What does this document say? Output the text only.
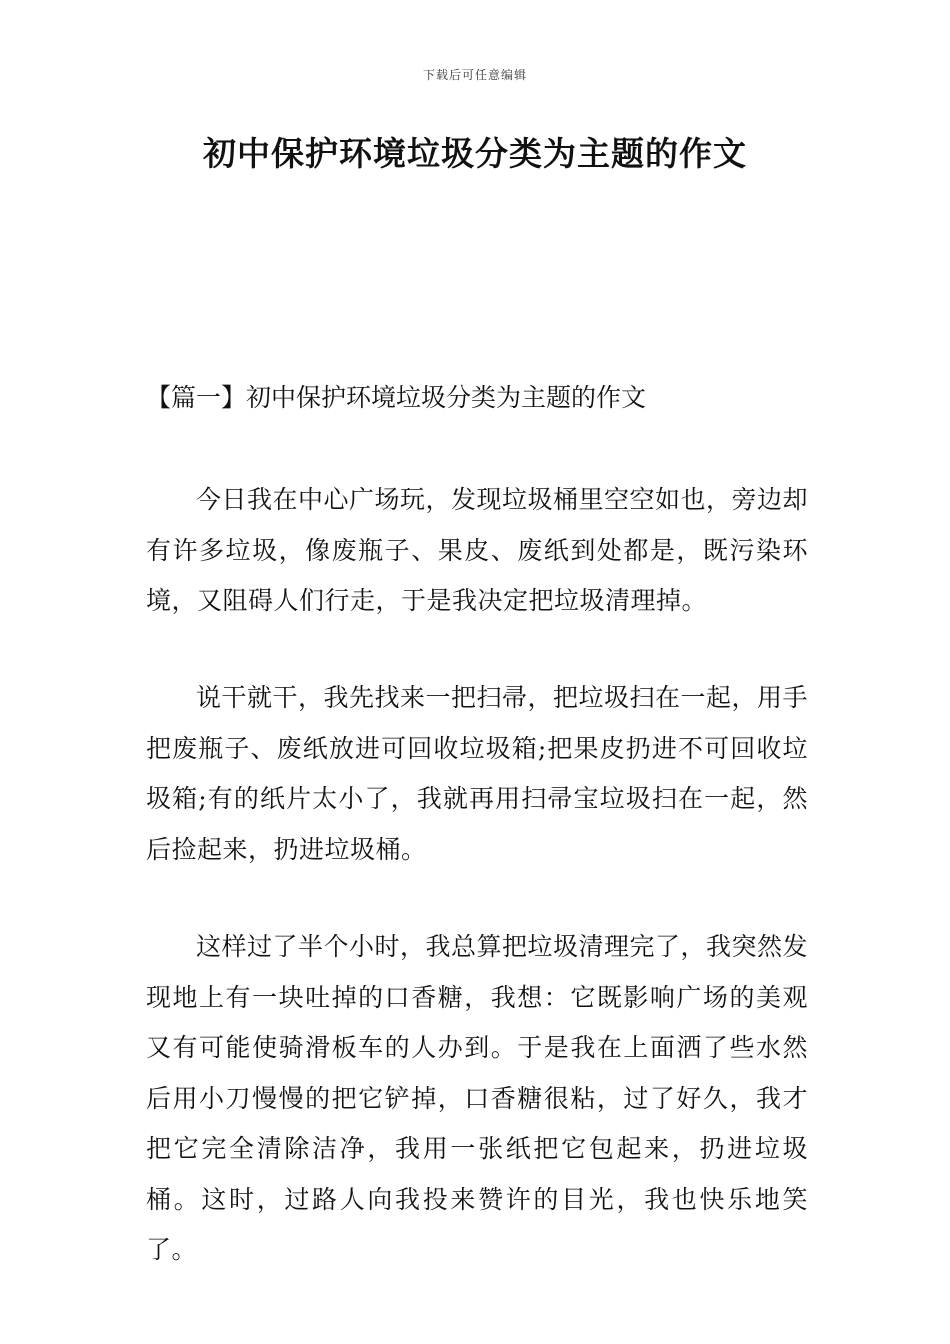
下载后可任意编辑
初中保护环境垃圾分类为主题的作文
【篇一】初中保护环境垃圾分类为主题的作文

今日我在中心广场玩，发现垃圾桶里空空如也，旁边却有许多垃圾，像废瓶子、果皮、废纸到处都是，既污染环境，又阻碍人们行走，于是我决定把垃圾清理掉。

说干就干，我先找来一把扫帚，把垃圾扫在一起，用手把废瓶子、废纸放进可回收垃圾箱;把果皮扔进不可回收垃圾箱;有的纸片太小了，我就再用扫帚宝垃圾扫在一起，然后捡起来，扔进垃圾桶。

这样过了半个小时，我总算把垃圾清理完了，我突然发现地上有一块吐掉的口香糖，我想：它既影响广场的美观又有可能使骑滑板车的人办到。于是我在上面洒了些水然后用小刀慢慢的把它铲掉，口香糖很粘，过了好久，我才把它完全清除洁净，我用一张纸把它包起来，扔进垃圾桶。这时，过路人向我投来赞许的目光，我也快乐地笑了。
